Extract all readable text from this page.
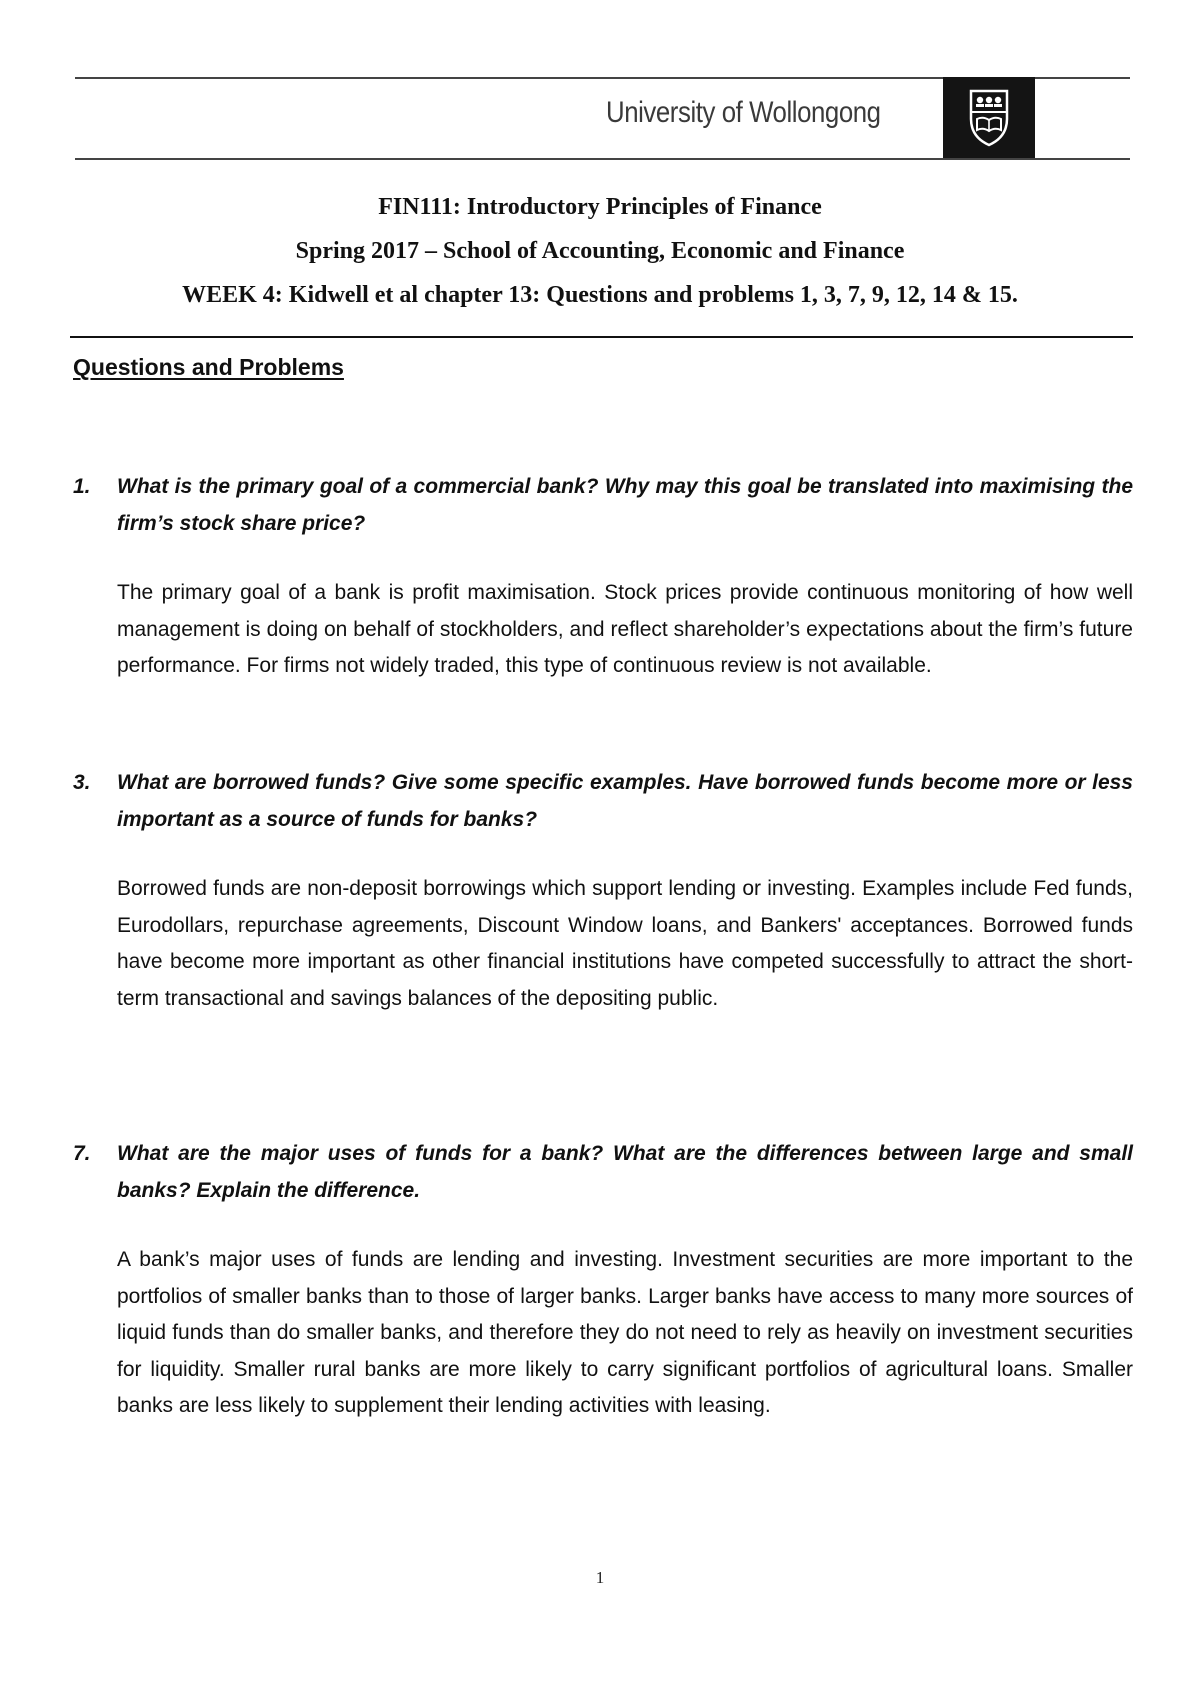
University of Wollongong

FIN111: Introductory Principles of Finance

Spring 2017 – School of Accounting, Economic and Finance

WEEK 4: Kidwell et al chapter 13: Questions and problems 1, 3, 7, 9, 12, 14 & 15.

Questions and Problems

1. What is the primary goal of a commercial bank? Why may this goal be translated into maximising the firm’s stock share price?

The primary goal of a bank is profit maximisation. Stock prices provide continuous monitoring of how well management is doing on behalf of stockholders, and reflect shareholder’s expectations about the firm’s future performance. For firms not widely traded, this type of continuous review is not available.

3. What are borrowed funds? Give some specific examples. Have borrowed funds become more or less important as a source of funds for banks?

Borrowed funds are non-deposit borrowings which support lending or investing. Examples include Fed funds, Eurodollars, repurchase agreements, Discount Window loans, and Bankers' acceptances. Borrowed funds have become more important as other financial institutions have competed successfully to attract the short-term transactional and savings balances of the depositing public.

7. What are the major uses of funds for a bank? What are the differences between large and small banks? Explain the difference.

A bank’s major uses of funds are lending and investing. Investment securities are more important to the portfolios of smaller banks than to those of larger banks. Larger banks have access to many more sources of liquid funds than do smaller banks, and therefore they do not need to rely as heavily on investment securities for liquidity. Smaller rural banks are more likely to carry significant portfolios of agricultural loans. Smaller banks are less likely to supplement their lending activities with leasing.

1
